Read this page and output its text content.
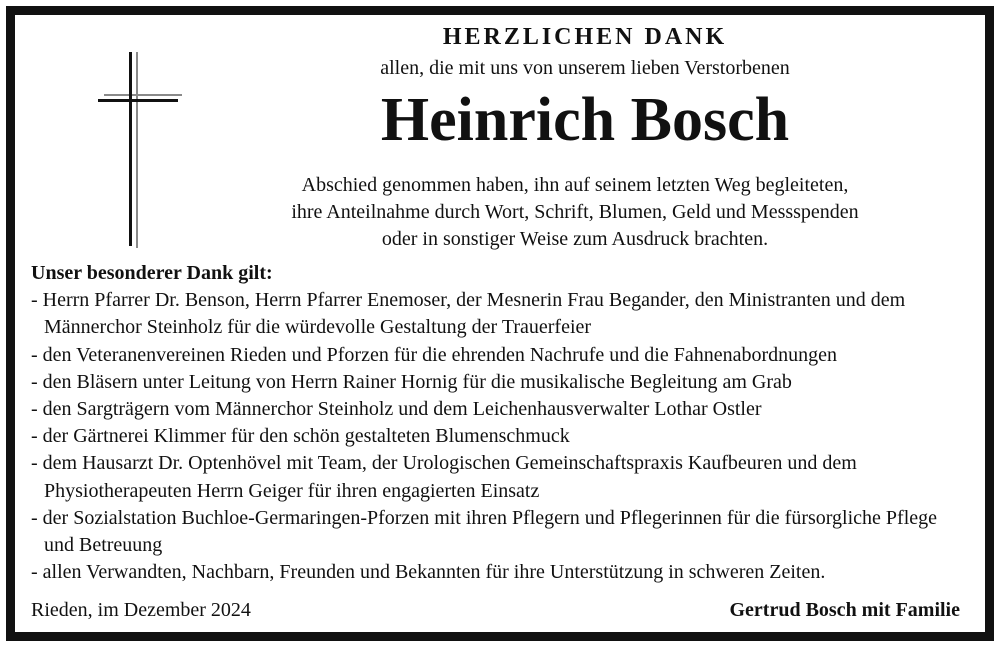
HERZLICHEN DANK
allen, die mit uns von unserem lieben Verstorbenen
Heinrich Bosch
Abschied genommen haben, ihn auf seinem letzten Weg begleiteten,
ihre Anteilnahme durch Wort, Schrift, Blumen, Geld und Messspenden
oder in sonstiger Weise zum Ausdruck brachten.
Unser besonderer Dank gilt:
- Herrn Pfarrer Dr. Benson, Herrn Pfarrer Enemoser, der Mesnerin Frau Begander, den Ministranten und dem Männerchor Steinholz für die würdevolle Gestaltung der Trauerfeier
- den Veteranenvereinen Rieden und Pforzen für die ehrenden Nachrufe und die Fahnenabordnungen
- den Bläsern unter Leitung von Herrn Rainer Hornig für die musikalische Begleitung am Grab
- den Sargträgern vom Männerchor Steinholz und dem Leichenhausverwalter Lothar Ostler
- der Gärtnerei Klimmer für den schön gestalteten Blumenschmuck
- dem Hausarzt Dr. Optenhövel mit Team, der Urologischen Gemeinschaftspraxis Kaufbeuren und dem Physiotherapeuten Herrn Geiger für ihren engagierten Einsatz
- der Sozialstation Buchloe-Germaringen-Pforzen mit ihren Pflegern und Pflegerinnen für die fürsorgliche Pflege und Betreuung
- allen Verwandten, Nachbarn, Freunden und Bekannten für ihre Unterstützung in schweren Zeiten.
Rieden, im Dezember 2024	Gertrud Bosch mit Familie
